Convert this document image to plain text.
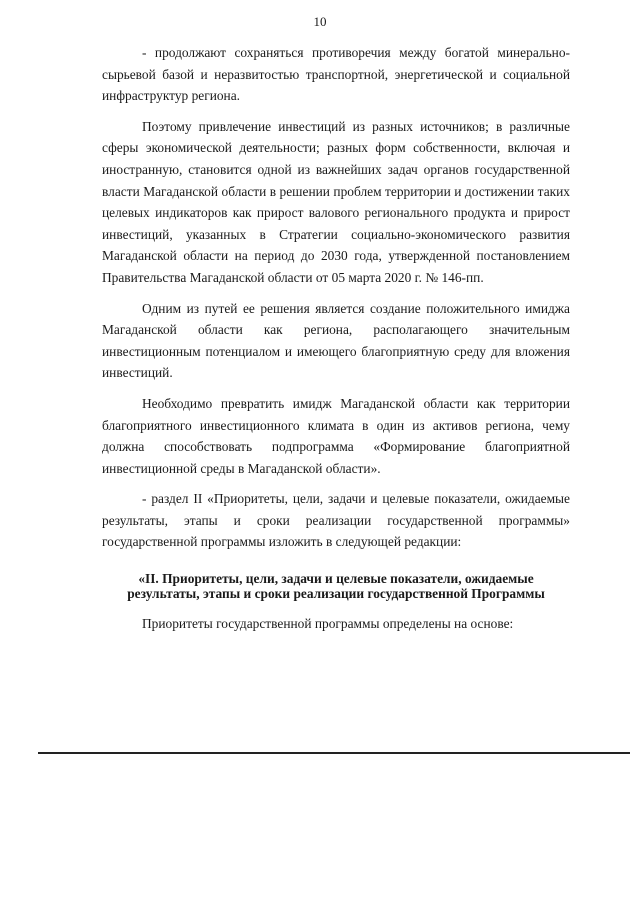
10

- продолжают сохраняться противоречия между богатой минерально-сырьевой базой и неразвитостью транспортной, энергетической и социальной инфраструктур региона.

Поэтому привлечение инвестиций из разных источников; в различные сферы экономической деятельности; разных форм собственности, включая и иностранную, становится одной из важнейших задач органов государственной власти Магаданской области в решении проблем территории и достижении таких целевых индикаторов как прирост валового регионального продукта и прирост инвестиций, указанных в Стратегии социально-экономического развития Магаданской области на период до 2030 года, утвержденной постановлением Правительства Магаданской области от 05 марта 2020 г. № 146-пп.

Одним из путей ее решения является создание положительного имиджа Магаданской области как региона, располагающего значительным инвестиционным потенциалом и имеющего благоприятную среду для вложения инвестиций.

Необходимо превратить имидж Магаданской области как территории благоприятного инвестиционного климата в один из активов региона, чему должна способствовать подпрограмма «Формирование благоприятной инвестиционной среды в Магаданской области».

- раздел II «Приоритеты, цели, задачи и целевые показатели, ожидаемые результаты, этапы и сроки реализации государственной программы» государственной программы изложить в следующей редакции:

«II. Приоритеты, цели, задачи и целевые показатели, ожидаемые результаты, этапы и сроки реализации государственной Программы

Приоритеты государственной программы определены на основе:
